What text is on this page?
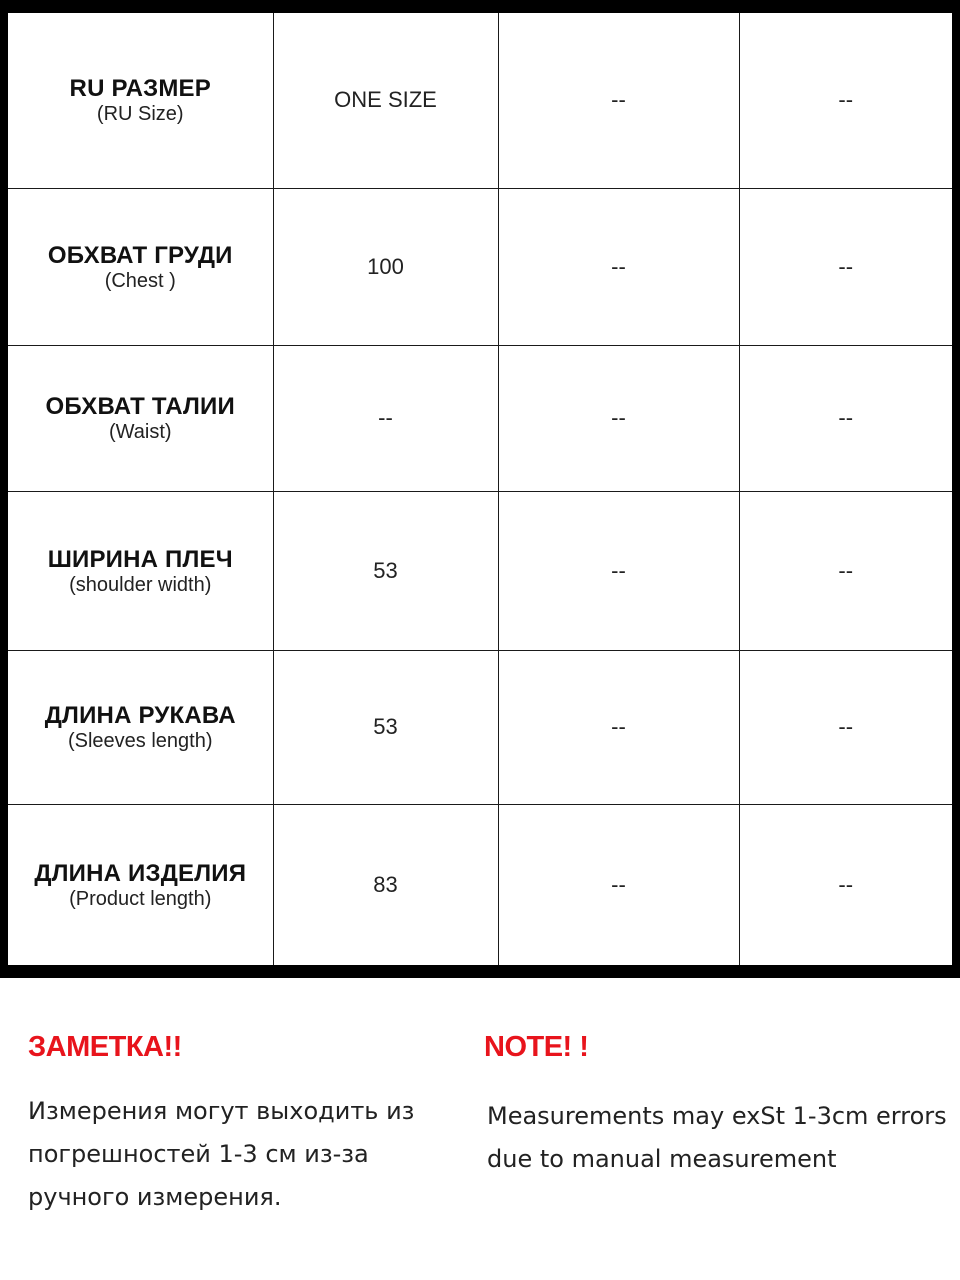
RU РАЗМЕР
(RU Size)	ONE SIZE	--	--

ОБХВАТ ГРУДИ
(Chest )	100	--	--

ОБХВАТ ТАЛИИ
(Waist)	--	--	--

ШИРИНА ПЛЕЧ
(shoulder width)	53	--	--

ДЛИНА РУКАВА
(Sleeves length)	53	--	--

ДЛИНА ИЗДЕЛИЯ
(Product length)	83	--	--
ЗАМЕТКА!!
Измерения могут выходить из погрешностей 1-3 см из-за ручного измерения.
NOTE! !
Measurements may exSt 1-3cm errors due to manual measurement
